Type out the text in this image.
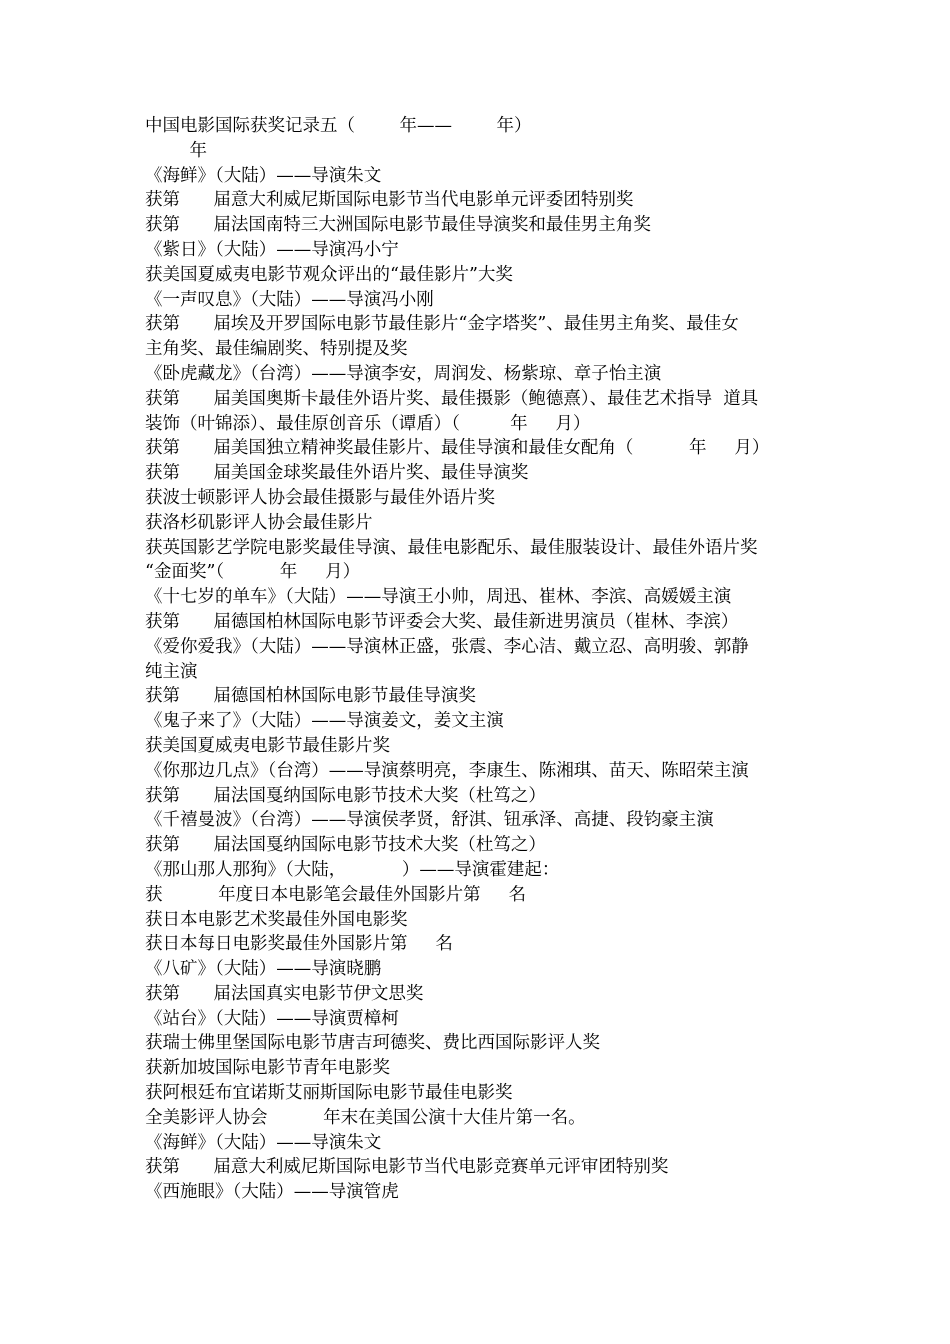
中国电影国际获奖记录五（        年——        年）
年
《海鲜》（大陆）——导演朱文
获第      届意大利威尼斯国际电影节当代电影单元评委团特别奖
获第      届法国南特三大洲国际电影节最佳导演奖和最佳男主角奖
《紫日》（大陆）——导演冯小宁
获美国夏威夷电影节观众评出的“最佳影片”大奖
《一声叹息》（大陆）——导演冯小刚
获第      届埃及开罗国际电影节最佳影片“金字塔奖”、最佳男主角奖、最佳女
主角奖、最佳编剧奖、特别提及奖
《卧虎藏龙》（台湾）——导演李安，周润发、杨紫琼、章子怡主演
获第      届美国奥斯卡最佳外语片奖、最佳摄影（鲍德熹）、最佳艺术指导  道具
装饰（叶锦添）、最佳原创音乐（谭盾）（         年     月）
获第      届美国独立精神奖最佳影片、最佳导演和最佳女配角（          年     月）
获第      届美国金球奖最佳外语片奖、最佳导演奖
获波士顿影评人协会最佳摄影与最佳外语片奖
获洛杉矶影评人协会最佳影片
获英国影艺学院电影奖最佳导演、最佳电影配乐、最佳服装设计、最佳外语片奖
“金面奖”（          年     月）
《十七岁的单车》（大陆）——导演王小帅，周迅、崔林、李滨、高媛媛主演
获第      届德国柏林国际电影节评委会大奖、最佳新进男演员（崔林、李滨）
《爱你爱我》（大陆）——导演林正盛，张震、李心洁、戴立忍、高明骏、郭静
纯主演
获第      届德国柏林国际电影节最佳导演奖
《鬼子来了》（大陆）——导演姜文，姜文主演
获美国夏威夷电影节最佳影片奖
《你那边几点》（台湾）——导演蔡明亮，李康生、陈湘琪、苗天、陈昭荣主演
获第      届法国戛纳国际电影节技术大奖（杜笃之）
《千禧曼波》（台湾）——导演侯孝贤，舒淇、钮承泽、高捷、段钧豪主演
获第      届法国戛纳国际电影节技术大奖（杜笃之）
《那山那人那狗》（大陆，          ）——导演霍建起：
获          年度日本电影笔会最佳外国影片第     名
获日本电影艺术奖最佳外国电影奖
获日本每日电影奖最佳外国影片第     名
《八矿》（大陆）——导演晓鹏
获第      届法国真实电影节伊文思奖
《站台》（大陆）——导演贾樟柯
获瑞士佛里堡国际电影节唐吉珂德奖、费比西国际影评人奖
获新加坡国际电影节青年电影奖
获阿根廷布宜诺斯艾丽斯国际电影节最佳电影奖
全美影评人协会          年末在美国公演十大佳片第一名。
《海鲜》（大陆）——导演朱文
获第      届意大利威尼斯国际电影节当代电影竞赛单元评审团特别奖
《西施眼》（大陆）——导演管虎
